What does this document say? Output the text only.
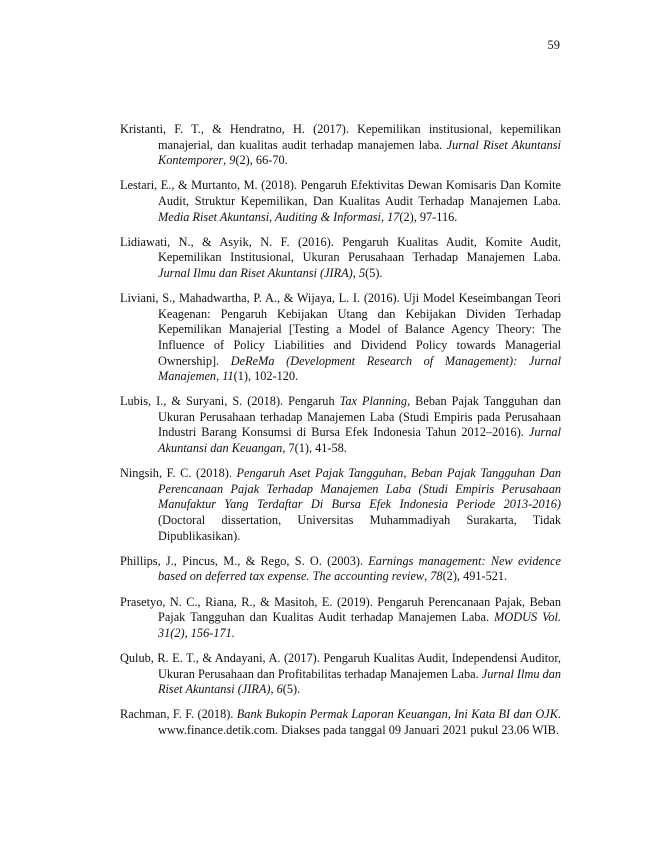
59

Kristanti, F. T., & Hendratno, H. (2017). Kepemilikan institusional, kepemilikan manajerial, dan kualitas audit terhadap manajemen laba. Jurnal Riset Akuntansi Kontemporer, 9(2), 66-70.

Lestari, E., & Murtanto, M. (2018). Pengaruh Efektivitas Dewan Komisaris Dan Komite Audit, Struktur Kepemilikan, Dan Kualitas Audit Terhadap Manajemen Laba. Media Riset Akuntansi, Auditing & Informasi, 17(2), 97-116.

Lidiawati, N., & Asyik, N. F. (2016). Pengaruh Kualitas Audit, Komite Audit, Kepemilikan Institusional, Ukuran Perusahaan Terhadap Manajemen Laba. Jurnal Ilmu dan Riset Akuntansi (JIRA), 5(5).

Liviani, S., Mahadwartha, P. A., & Wijaya, L. I. (2016). Uji Model Keseimbangan Teori Keagenan: Pengaruh Kebijakan Utang dan Kebijakan Dividen Terhadap Kepemilikan Manajerial [Testing a Model of Balance Agency Theory: The Influence of Policy Liabilities and Dividend Policy towards Managerial Ownership]. DeReMa (Development Research of Management): Jurnal Manajemen, 11(1), 102-120.

Lubis, I., & Suryani, S. (2018). Pengaruh Tax Planning, Beban Pajak Tangguhan dan Ukuran Perusahaan terhadap Manajemen Laba (Studi Empiris pada Perusahaan Industri Barang Konsumsi di Bursa Efek Indonesia Tahun 2012–2016). Jurnal Akuntansi dan Keuangan, 7(1), 41-58.

Ningsih, F. C. (2018). Pengaruh Aset Pajak Tangguhan, Beban Pajak Tangguhan Dan Perencanaan Pajak Terhadap Manajemen Laba (Studi Empiris Perusahaan Manufaktur Yang Terdaftar Di Bursa Efek Indonesia Periode 2013-2016) (Doctoral dissertation, Universitas Muhammadiyah Surakarta, Tidak Dipublikasikan).

Phillips, J., Pincus, M., & Rego, S. O. (2003). Earnings management: New evidence based on deferred tax expense. The accounting review, 78(2), 491-521.

Prasetyo, N. C., Riana, R., & Masitoh, E. (2019). Pengaruh Perencanaan Pajak, Beban Pajak Tangguhan dan Kualitas Audit terhadap Manajemen Laba. MODUS Vol. 31(2), 156-171.

Qulub, R. E. T., & Andayani, A. (2017). Pengaruh Kualitas Audit, Independensi Auditor, Ukuran Perusahaan dan Profitabilitas terhadap Manajemen Laba. Jurnal Ilmu dan Riset Akuntansi (JIRA), 6(5).

Rachman, F. F. (2018). Bank Bukopin Permak Laporan Keuangan, Ini Kata BI dan OJK. www.finance.detik.com. Diakses pada tanggal 09 Januari 2021 pukul 23.06 WIB.
